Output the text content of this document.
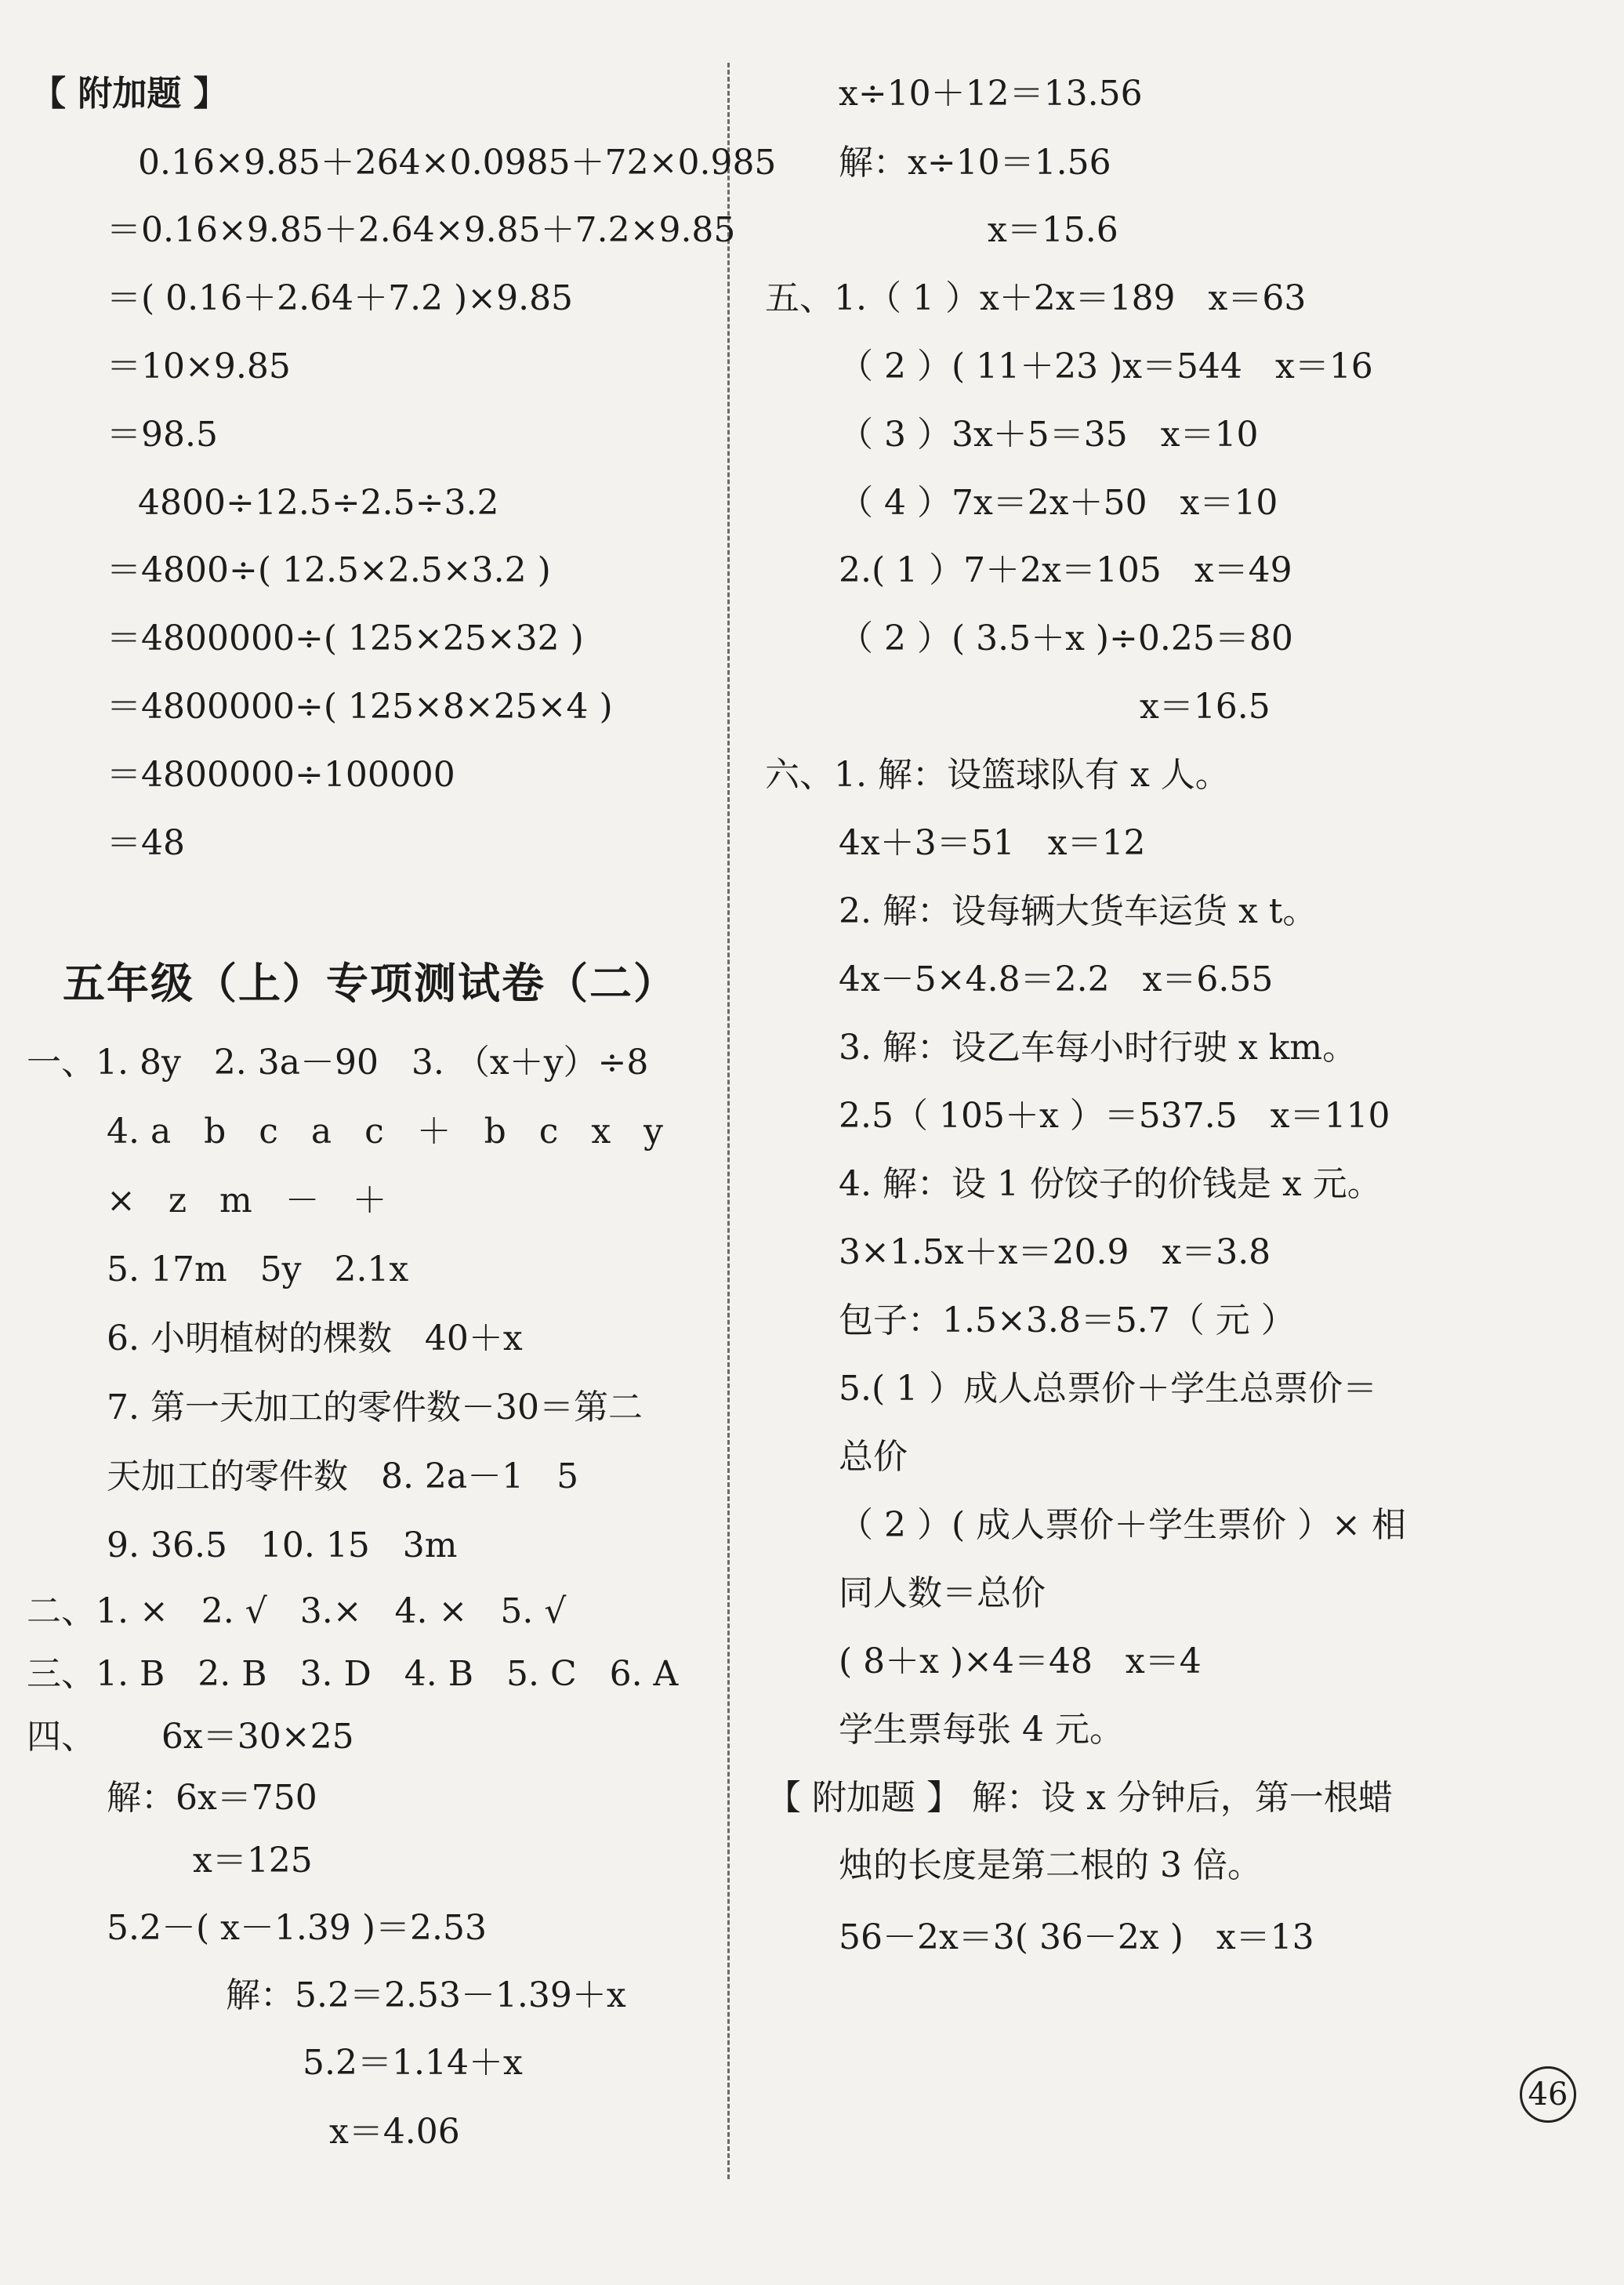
【 附加题 】
0.16×9.85＋264×0.0985＋72×0.985
＝0.16×9.85＋2.64×9.85＋7.2×9.85
＝( 0.16＋2.64＋7.2 )×9.85
＝10×9.85
＝98.5
4800÷12.5÷2.5÷3.2
＝4800÷( 12.5×2.5×3.2 )
＝4800000÷( 125×25×32 )
＝4800000÷( 125×8×25×4 )
＝4800000÷100000
＝48
五年级（上）专项测试卷（二）
一、1. 8y   2. 3a－90   3. （x＋y）÷8
4. a   b   c   a   c   ＋   b   c   x   y
×   z   m   －   ＋
5. 17m   5y   2.1x
6. 小明植树的棵数   40＋x
7. 第一天加工的零件数－30＝第二
天加工的零件数   8. 2a－1   5
9. 36.5   10. 15   3m
二、1. ×   2. √   3.×   4. ×   5. √
三、1. B   2. B   3. D   4. B   5. C   6. A
四、      6x＝30×25
解：6x＝750
x＝125
5.2－( x－1.39 )＝2.53
解：5.2＝2.53－1.39＋x
5.2＝1.14＋x
x＝4.06
x÷10＋12＝13.56
解：x÷10＝1.56
x＝15.6
五、1.（ 1 ）x＋2x＝189   x＝63
（ 2 ）( 11＋23 )x＝544   x＝16
（ 3 ）3x＋5＝35   x＝10
（ 4 ）7x＝2x＋50   x＝10
2.( 1 ）7＋2x＝105   x＝49
（ 2 ）( 3.5＋x )÷0.25＝80
x＝16.5
六、1. 解：设篮球队有 x 人。
4x＋3＝51   x＝12
2. 解：设每辆大货车运货 x t。
4x－5×4.8＝2.2   x＝6.55
3. 解：设乙车每小时行驶 x km。
2.5（ 105＋x ）＝537.5   x＝110
4. 解：设 1 份饺子的价钱是 x 元。
3×1.5x＋x＝20.9   x＝3.8
包子：1.5×3.8＝5.7（ 元 ）
5.( 1 ）成人总票价＋学生总票价＝
总价
（ 2 ）( 成人票价＋学生票价 ）× 相
同人数＝总价
( 8＋x )×4＝48   x＝4
学生票每张 4 元。
【 附加题 】 解：设 x 分钟后，第一根蜡
烛的长度是第二根的 3 倍。
56－2x＝3( 36－2x )   x＝13
46
